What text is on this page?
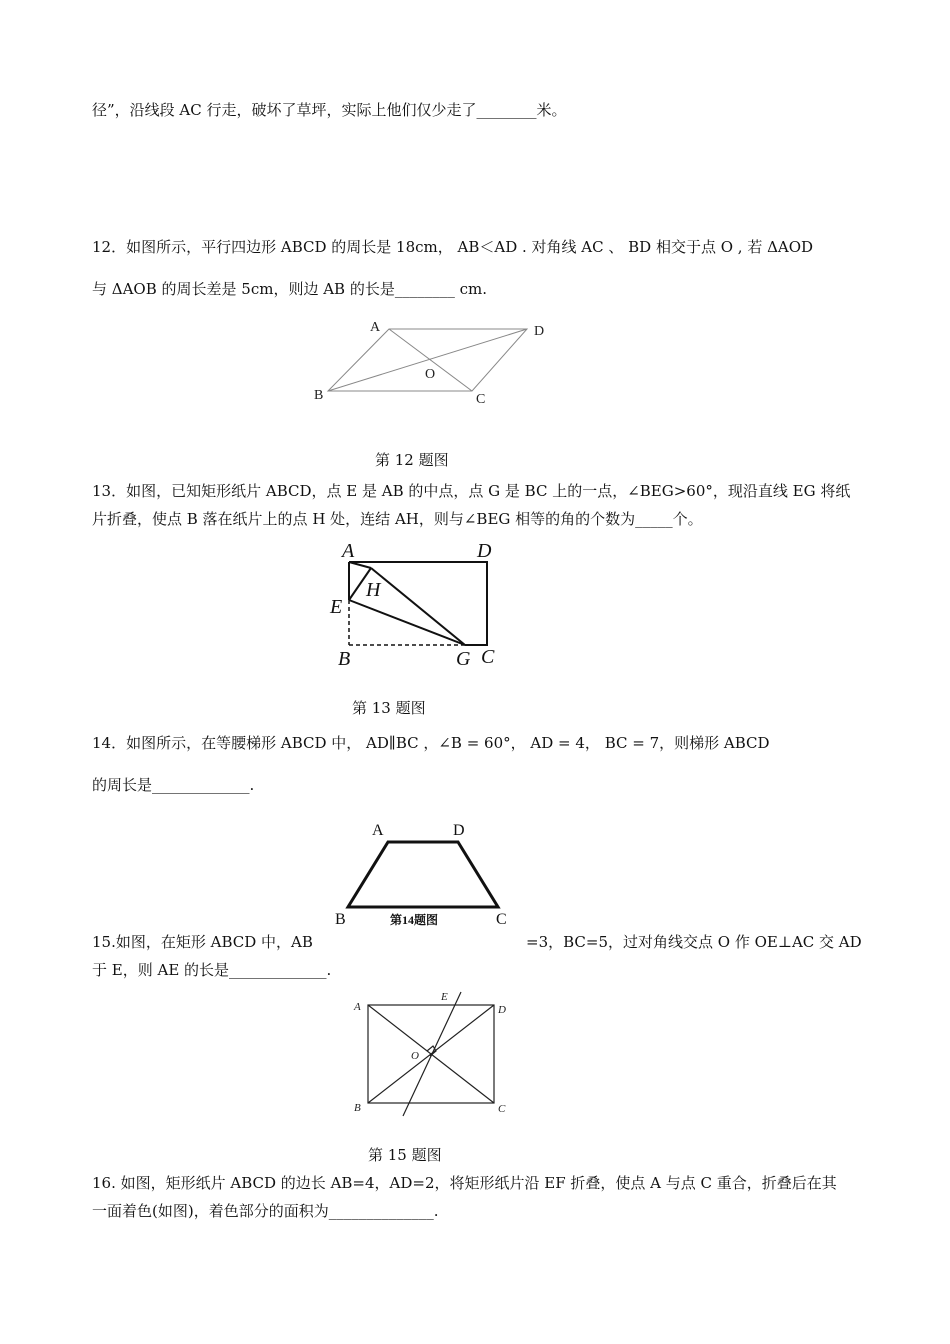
径”，沿线段 AC 行走，破坏了草坪，实际上他们仅少走了________米。
12．如图所示，平行四边形 ABCD 的周长是 18cm， AB＜AD . 对角线 AC 、 BD 相交于点 O , 若 ΔAOD
与 ΔAOB 的周长差是 5cm，则边 AB 的长是________ cm.
A	D
O
B	C
第 12 题图
13．如图，已知矩形纸片 ABCD，点 E 是 AB 的中点，点 G 是 BC 上的一点，∠BEG>60°，现沿直线 EG 将纸
片折叠，使点 B 落在纸片上的点 H 处，连结 AH，则与∠BEG 相等的角的个数为_____个。
A	D
H
E
B	G C
第 13 题图
14．如图所示，在等腰梯形 ABCD 中， AD∥BC ，∠B = 60°， AD = 4， BC = 7，则梯形 ABCD
的周长是_____________.
A	D
B	C
第14题图
15.如图，在矩形 ABCD 中，AB	=3，BC=5，过对角线交点 O 作 OE⊥AC 交 AD
于 E，则 AE 的长是_____________.
A
E
D
O
B	C
第 15 题图
16. 如图，矩形纸片 ABCD 的边长 AB=4，AD=2，将矩形纸片沿 EF 折叠，使点 A 与点 C 重合，折叠后在其
一面着色(如图)，着色部分的面积为______________.
